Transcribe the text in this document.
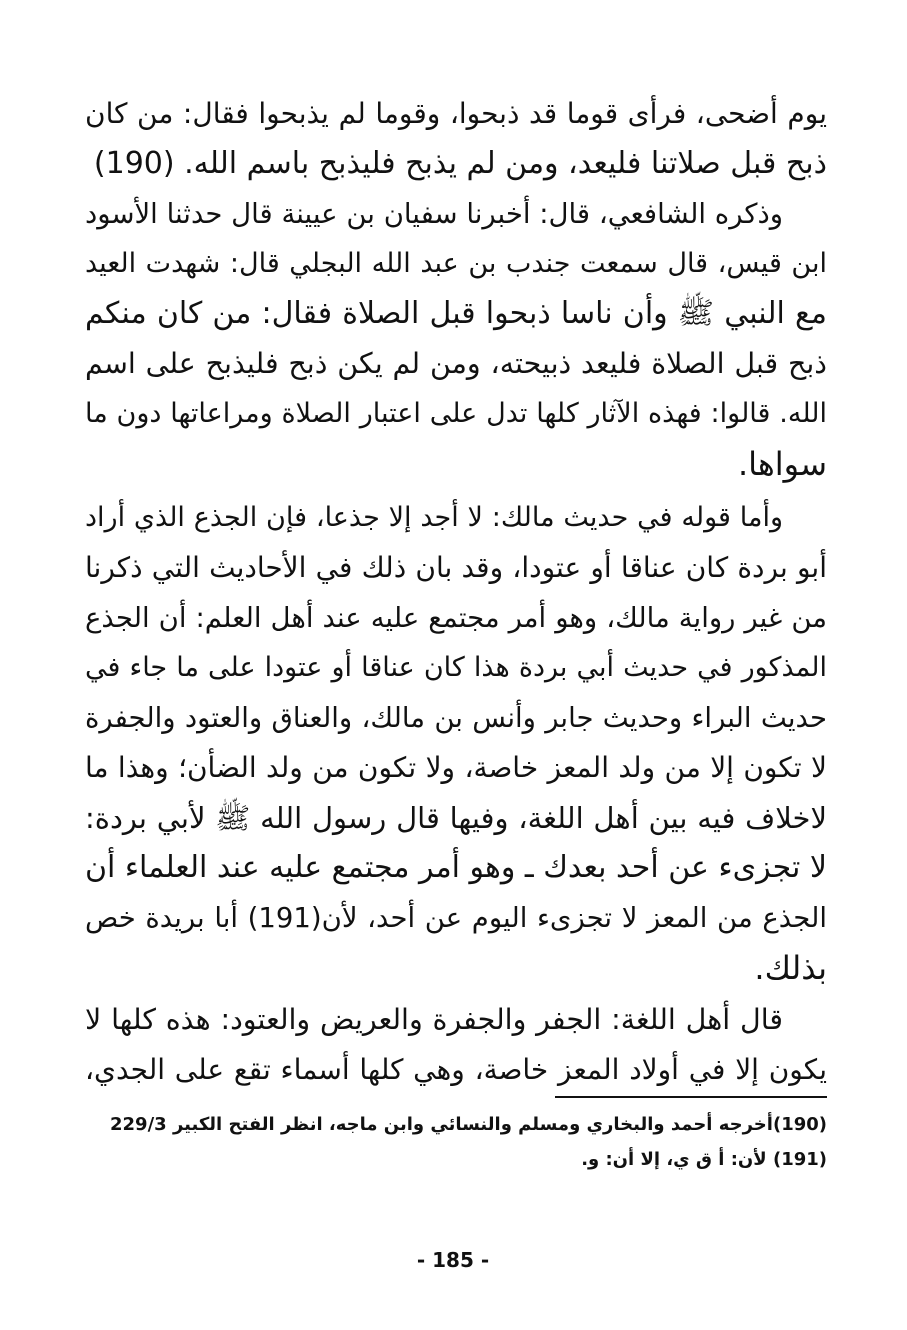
يوم أضحى، فرأى قوما قد ذبحوا، وقوما لم يذبحوا فقال: من كان
ذبح قبل صلاتنا فليعد، ومن لم يذبح فليذبح باسم الله. (190)
وذكره الشافعي، قال: أخبرنا سفيان بن عيينة قال حدثنا الأسود
ابن قيس، قال سمعت جندب بن عبد الله البجلي قال: شهدت العيد
مع النبي ﷺ وأن ناسا ذبحوا قبل الصلاة فقال: من كان منكم
ذبح قبل الصلاة فليعد ذبيحته، ومن لم يكن ذبح فليذبح على اسم
الله. قالوا: فهذه الآثار كلها تدل على اعتبار الصلاة ومراعاتها دون ما
سواها.
وأما قوله في حديث مالك: لا أجد إلا جذعا، فإن الجذع الذي أراد
أبو بردة كان عناقا أو عتودا، وقد بان ذلك في الأحاديث التي ذكرنا
من غير رواية مالك، وهو أمر مجتمع عليه عند أهل العلم: أن الجذع
المذكور في حديث أبي بردة هذا كان عناقا أو عتودا على ما جاء في
حديث البراء وحديث جابر وأنس بن مالك، والعناق والعتود والجفرة
لا تكون إلا من ولد المعز خاصة، ولا تكون من ولد الضأن؛ وهذا ما
لاخلاف فيه بين أهل اللغة، وفيها قال رسول الله ﷺ لأبي بردة:
لا تجزىء عن أحد بعدك ـ وهو أمر مجتمع عليه عند العلماء أن
الجذع من المعز لا تجزىء اليوم عن أحد، لأن(191) أبا بريدة خص
بذلك.
قال أهل اللغة: الجفر والجفرة والعريض والعتود: هذه كلها لا
يكون إلا في أولاد المعز خاصة، وهي كلها أسماء تقع على الجدي،
(190)أخرجه أحمد والبخاري ومسلم والنسائي وابن ماجه، انظر الفتح الكبير 229/3
(191) لأن: أ ق ي، إلا أن: و.
- 185 -
